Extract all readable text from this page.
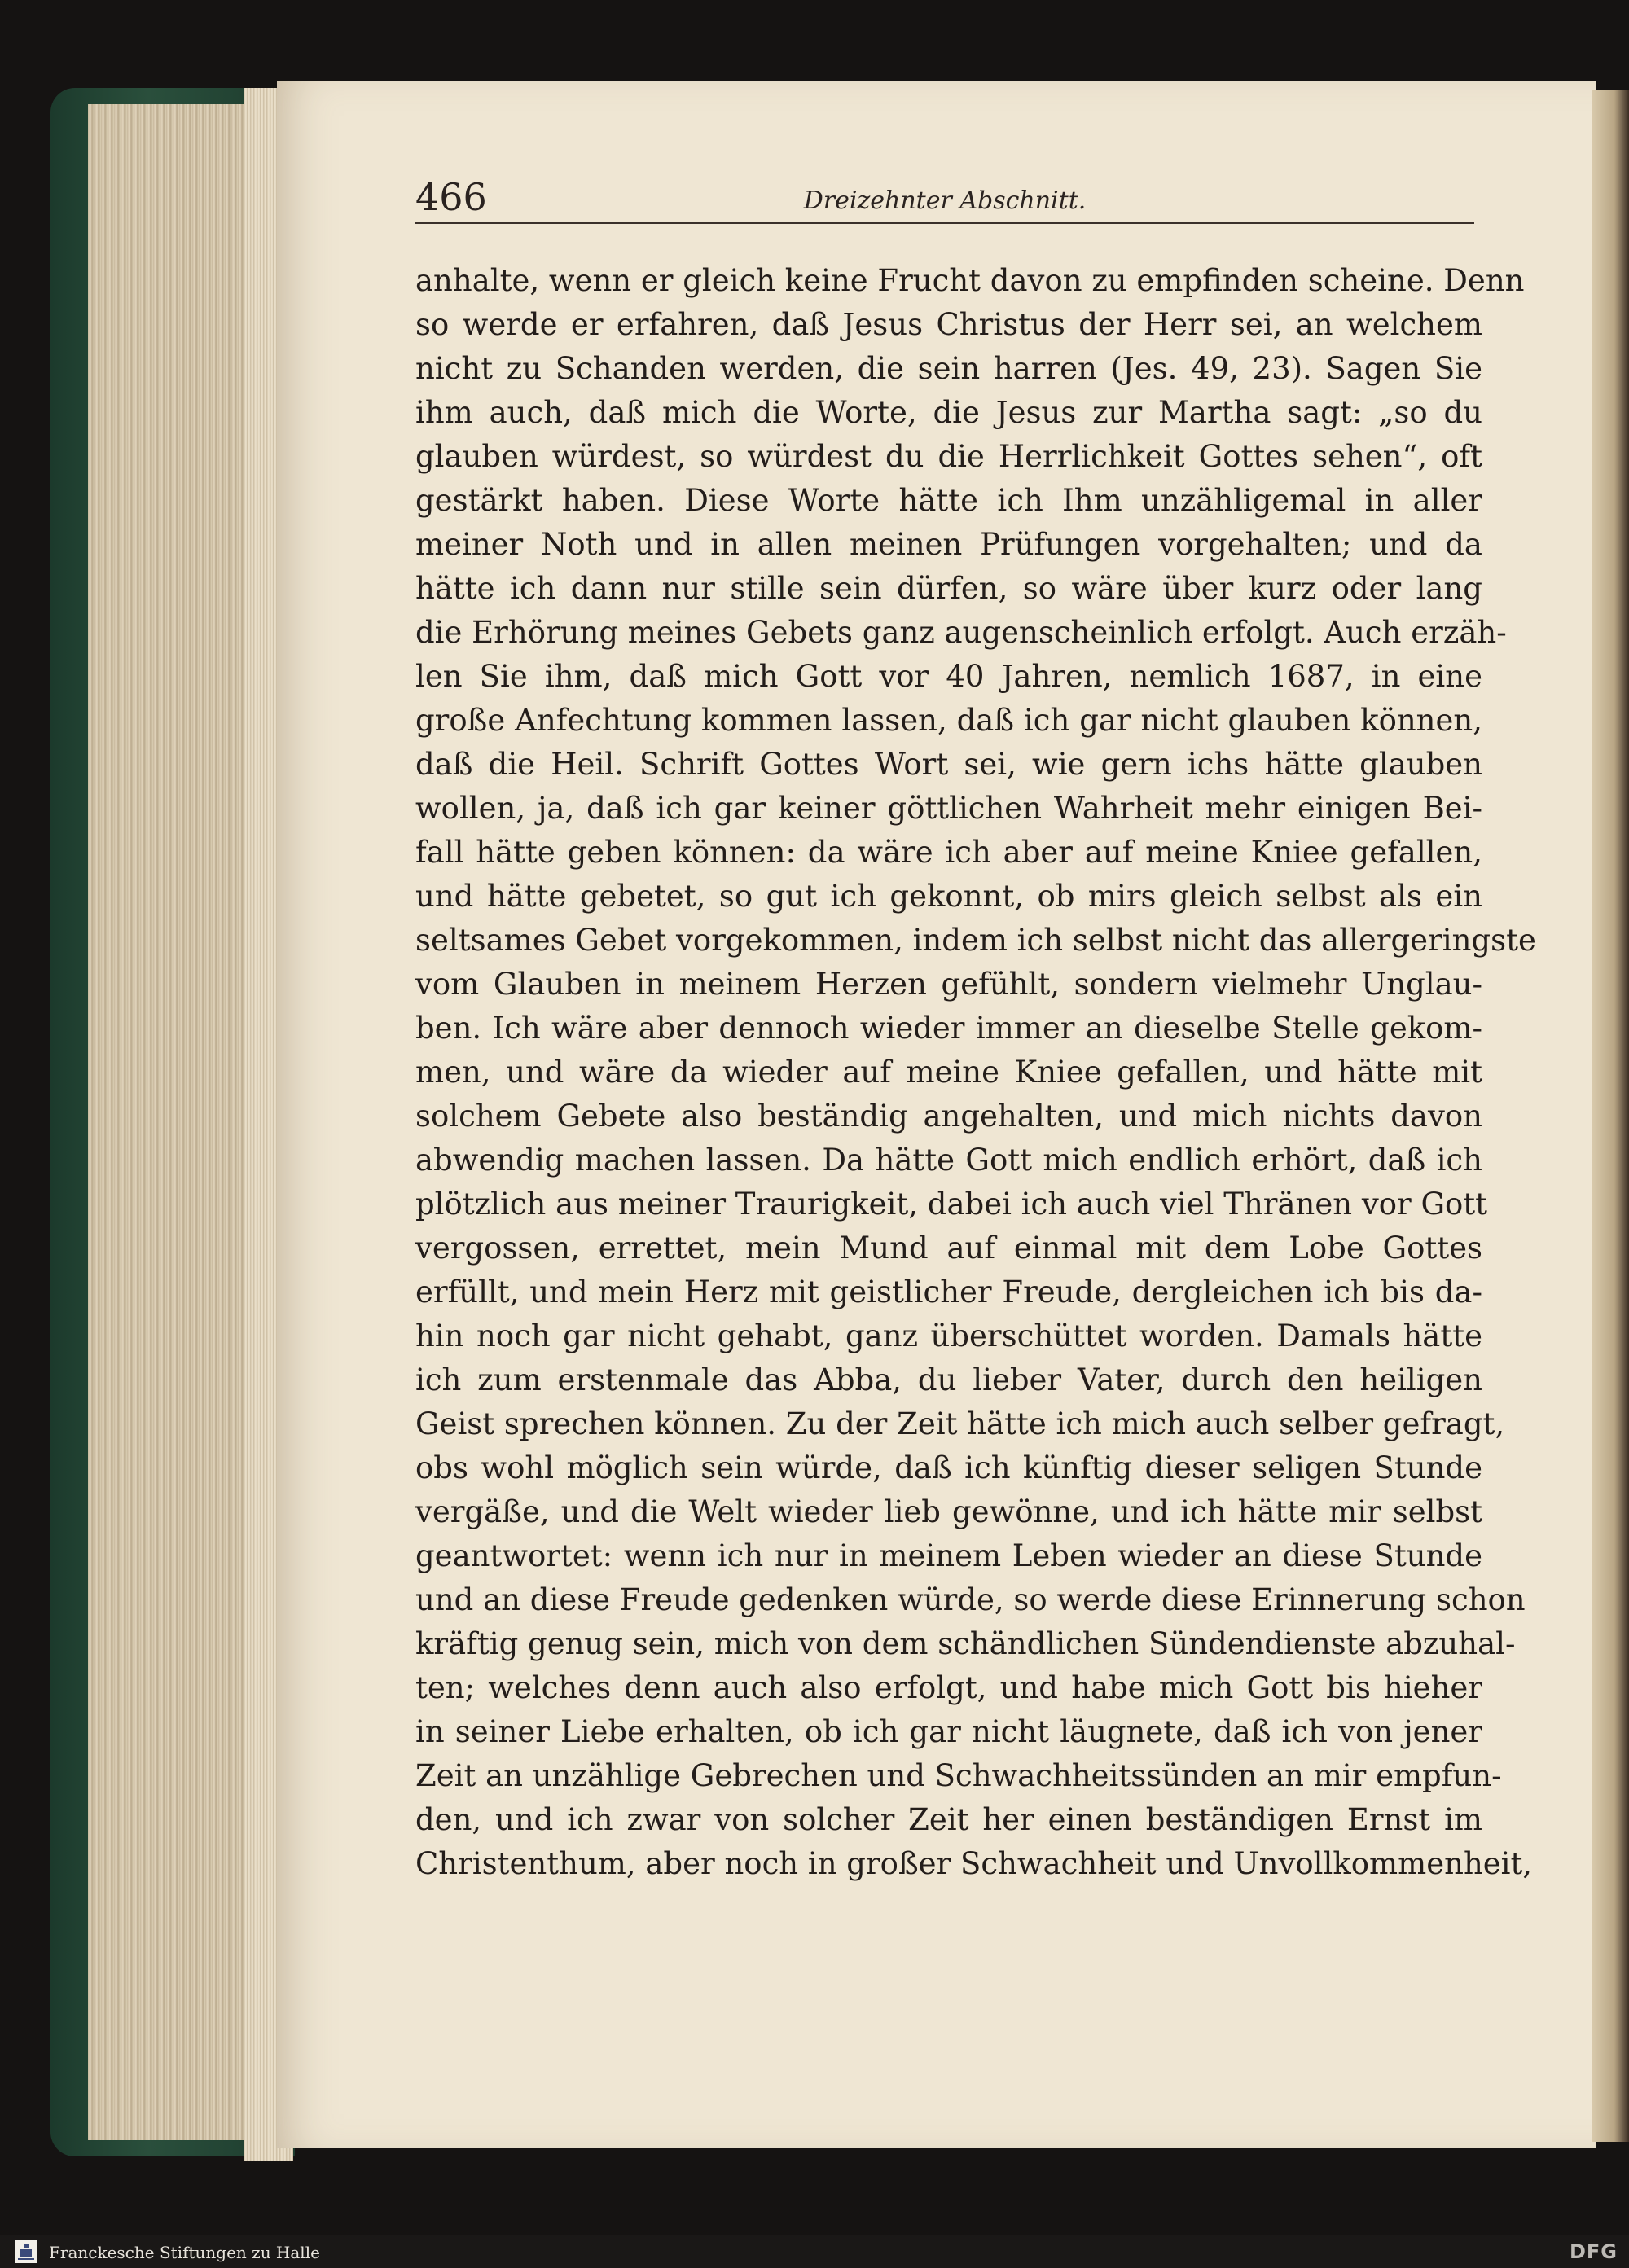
466	Dreizehnter Abschnitt.
anhalte, wenn er gleich keine Frucht davon zu empfinden scheine. Denn
so werde er erfahren, daß Jesus Christus der Herr sei, an welchem
nicht zu Schanden werden, die sein harren (Jes. 49, 23). Sagen Sie
ihm auch, daß mich die Worte, die Jesus zur Martha sagt: „so du
glauben würdest, so würdest du die Herrlichkeit Gottes sehen“, oft
gestärkt haben. Diese Worte hätte ich Ihm unzähligemal in aller
meiner Noth und in allen meinen Prüfungen vorgehalten; und da
hätte ich dann nur stille sein dürfen, so wäre über kurz oder lang
die Erhörung meines Gebets ganz augenscheinlich erfolgt. Auch erzäh-
len Sie ihm, daß mich Gott vor 40 Jahren, nemlich 1687, in eine
große Anfechtung kommen lassen, daß ich gar nicht glauben können,
daß die Heil. Schrift Gottes Wort sei, wie gern ichs hätte glauben
wollen, ja, daß ich gar keiner göttlichen Wahrheit mehr einigen Bei-
fall hätte geben können: da wäre ich aber auf meine Kniee gefallen,
und hätte gebetet, so gut ich gekonnt, ob mirs gleich selbst als ein
seltsames Gebet vorgekommen, indem ich selbst nicht das allergeringste
vom Glauben in meinem Herzen gefühlt, sondern vielmehr Unglau-
ben. Ich wäre aber dennoch wieder immer an dieselbe Stelle gekom-
men, und wäre da wieder auf meine Kniee gefallen, und hätte mit
solchem Gebete also beständig angehalten, und mich nichts davon
abwendig machen lassen. Da hätte Gott mich endlich erhört, daß ich
plötzlich aus meiner Traurigkeit, dabei ich auch viel Thränen vor Gott
vergossen, errettet, mein Mund auf einmal mit dem Lobe Gottes
erfüllt, und mein Herz mit geistlicher Freude, dergleichen ich bis da-
hin noch gar nicht gehabt, ganz überschüttet worden. Damals hätte
ich zum erstenmale das Abba, du lieber Vater, durch den heiligen
Geist sprechen können. Zu der Zeit hätte ich mich auch selber gefragt,
obs wohl möglich sein würde, daß ich künftig dieser seligen Stunde
vergäße, und die Welt wieder lieb gewönne, und ich hätte mir selbst
geantwortet: wenn ich nur in meinem Leben wieder an diese Stunde
und an diese Freude gedenken würde, so werde diese Erinnerung schon
kräftig genug sein, mich von dem schändlichen Sündendienste abzuhal-
ten; welches denn auch also erfolgt, und habe mich Gott bis hieher
in seiner Liebe erhalten, ob ich gar nicht läugnete, daß ich von jener
Zeit an unzählige Gebrechen und Schwachheitssünden an mir empfun-
den, und ich zwar von solcher Zeit her einen beständigen Ernst im
Christenthum, aber noch in großer Schwachheit und Unvollkommenheit,
Franckesche Stiftungen zu Halle	DFG
